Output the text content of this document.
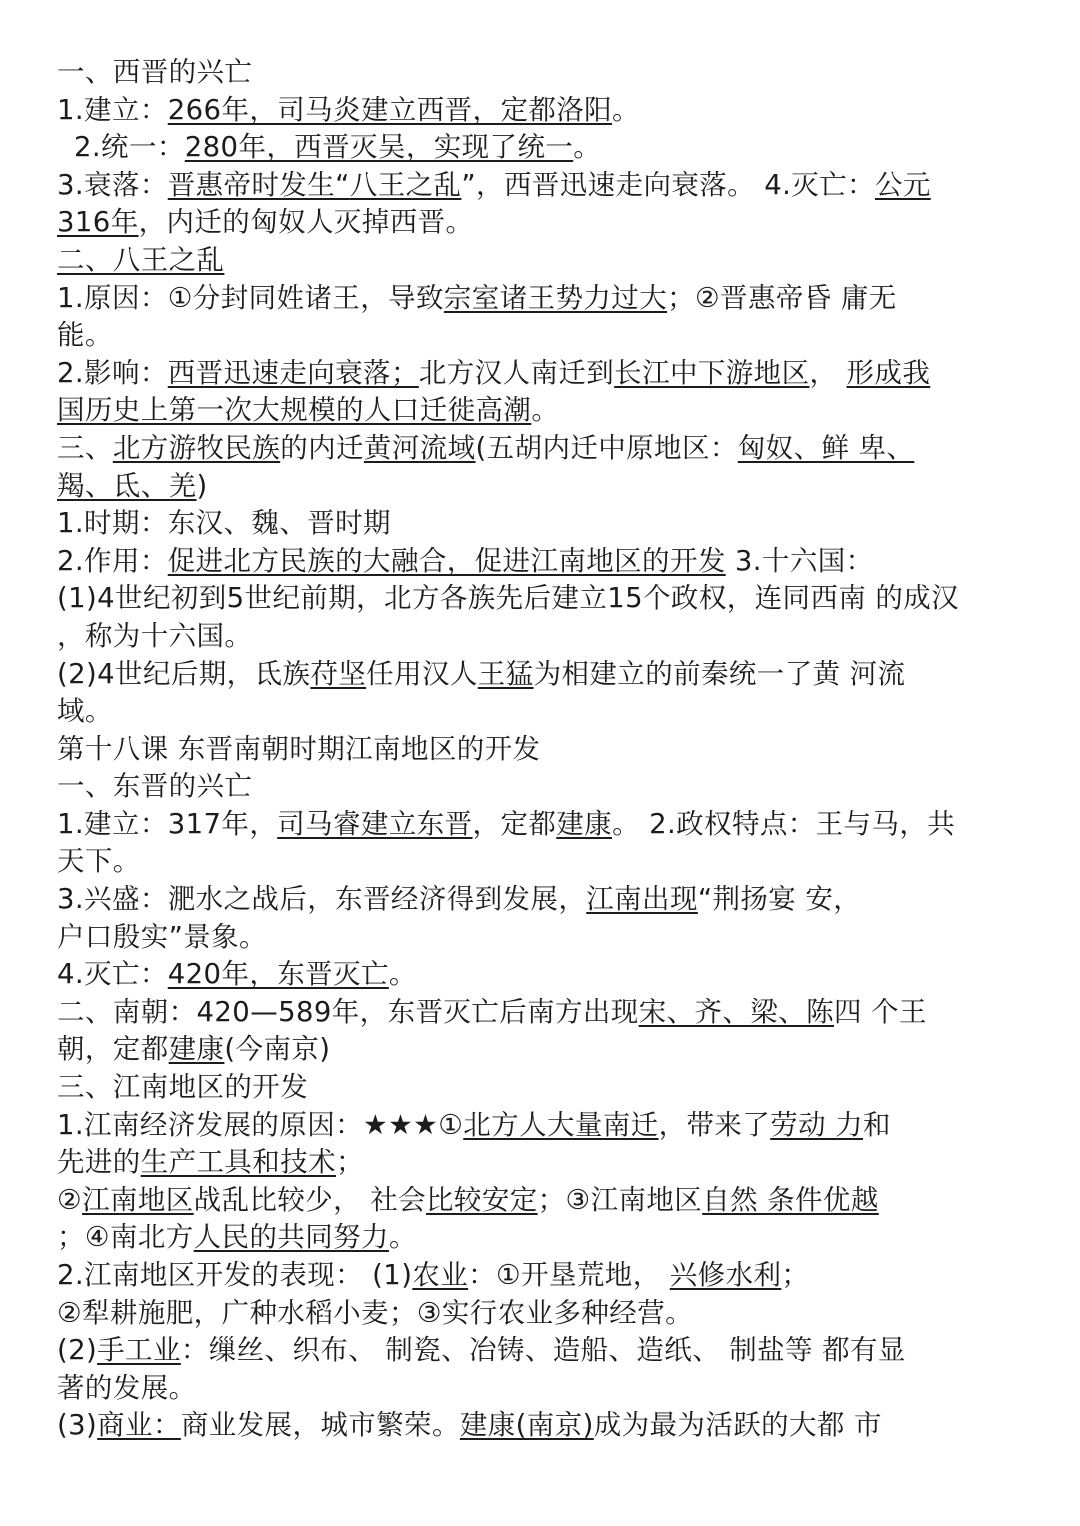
一、西晋的兴亡
1.建立：266年，司马炎建立西晋，定都洛阳。
2.统一：280年，西晋灭吴，实现了统一。
3.衰落：晋惠帝时发生“八王之乱”，西晋迅速走向衰落。 4.灭亡：公元
316年，内迁的匈奴人灭掉西晋。
二、八王之乱
1.原因：①分封同姓诸王，导致宗室诸王势力过大；②晋惠帝昏 庸无
能。
2.影响：西晋迅速走向衰落；北方汉人南迁到长江中下游地区， 形成我
国历史上第一次大规模的人口迁徙高潮。
三、北方游牧民族的内迁黄河流域(五胡内迁中原地区：匈奴、鲜 卑、
羯、氐、羌)
1.时期：东汉、魏、晋时期
2.作用：促进北方民族的大融合，促进江南地区的开发 3.十六国：
(1)4世纪初到5世纪前期，北方各族先后建立15个政权，连同西南 的成汉
，称为十六国。
(2)4世纪后期，氐族苻坚任用汉人王猛为相建立的前秦统一了黄 河流
域。
第十八课 东晋南朝时期江南地区的开发
一、东晋的兴亡
1.建立：317年，司马睿建立东晋，定都建康。 2.政权特点：王与马，共
天下。
3.兴盛：淝水之战后，东晋经济得到发展，江南出现“荆扬宴 安，
户口殷实”景象。
4.灭亡：420年，东晋灭亡。
二、南朝：420—589年，东晋灭亡后南方出现宋、齐、梁、陈四 个王
朝，定都建康(今南京)
三、江南地区的开发
1.江南经济发展的原因：★★★①北方人大量南迁，带来了劳动 力和
先进的生产工具和技术；
②江南地区战乱比较少， 社会比较安定；③江南地区自然 条件优越
；④南北方人民的共同努力。
2.江南地区开发的表现： (1)农业：①开垦荒地， 兴修水利；
②犁耕施肥，广种水稻小麦；③实行农业多种经营。
(2)手工业：缫丝、织布、 制瓷、冶铸、造船、造纸、 制盐等 都有显
著的发展。
(3)商业：商业发展，城市繁荣。建康(南京)成为最为活跃的大都 市
